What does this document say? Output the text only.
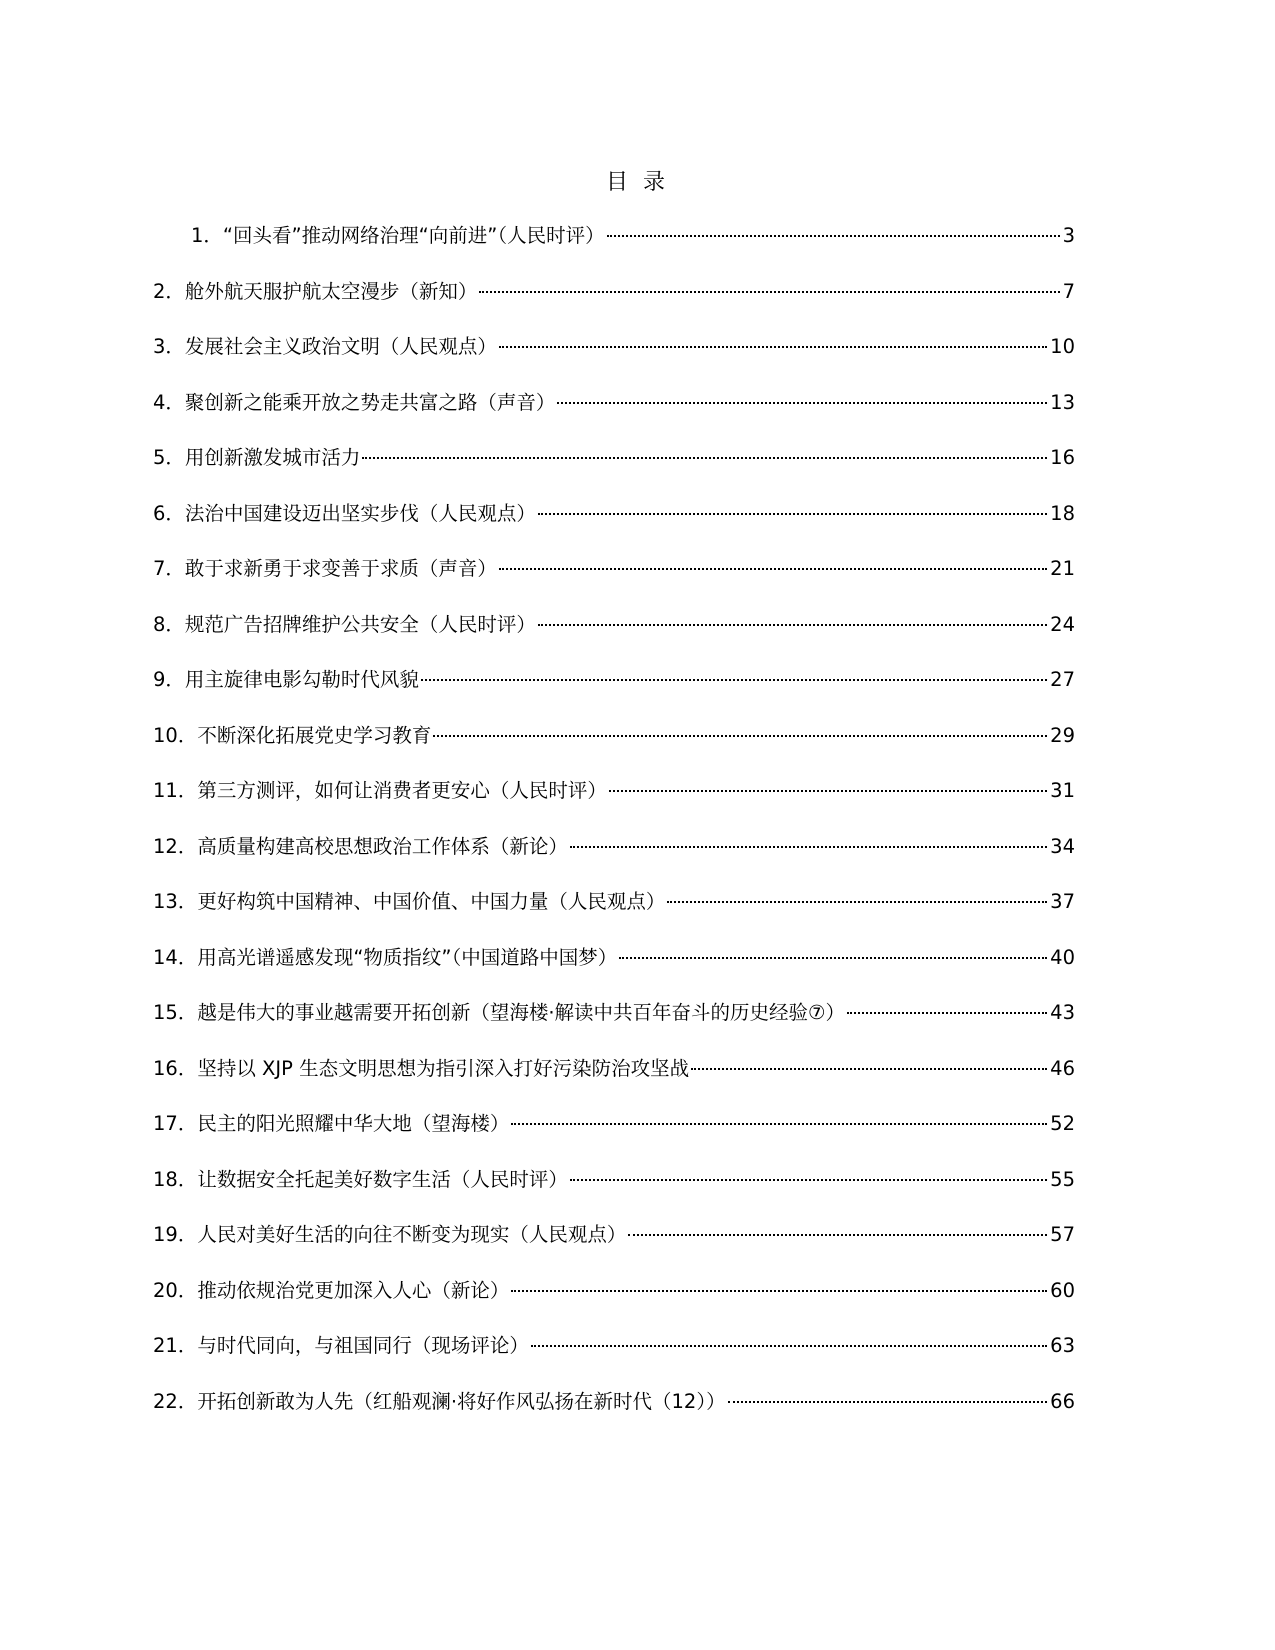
目 录
1．“回头看”推动网络治理“向前进”（人民时评）	3
2．舱外航天服护航太空漫步（新知）	7
3．发展社会主义政治文明（人民观点）	10
4．聚创新之能乘开放之势走共富之路（声音）	13
5．用创新激发城市活力	16
6．法治中国建设迈出坚实步伐（人民观点）	18
7．敢于求新勇于求变善于求质（声音）	21
8．规范广告招牌维护公共安全（人民时评）	24
9．用主旋律电影勾勒时代风貌	27
10．不断深化拓展党史学习教育	29
11．第三方测评，如何让消费者更安心（人民时评）	31
12．高质量构建高校思想政治工作体系（新论）	34
13．更好构筑中国精神、中国价值、中国力量（人民观点）	37
14．用高光谱遥感发现“物质指纹”（中国道路中国梦）	40
15．越是伟大的事业越需要开拓创新（望海楼·解读中共百年奋斗的历史经验⑦）	43
16．坚持以 XJP 生态文明思想为指引深入打好污染防治攻坚战	46
17．民主的阳光照耀中华大地（望海楼）	52
18．让数据安全托起美好数字生活（人民时评）	55
19．人民对美好生活的向往不断变为现实（人民观点）	57
20．推动依规治党更加深入人心（新论）	60
21．与时代同向，与祖国同行（现场评论）	63
22．开拓创新敢为人先（红船观澜·将好作风弘扬在新时代（12））	66
